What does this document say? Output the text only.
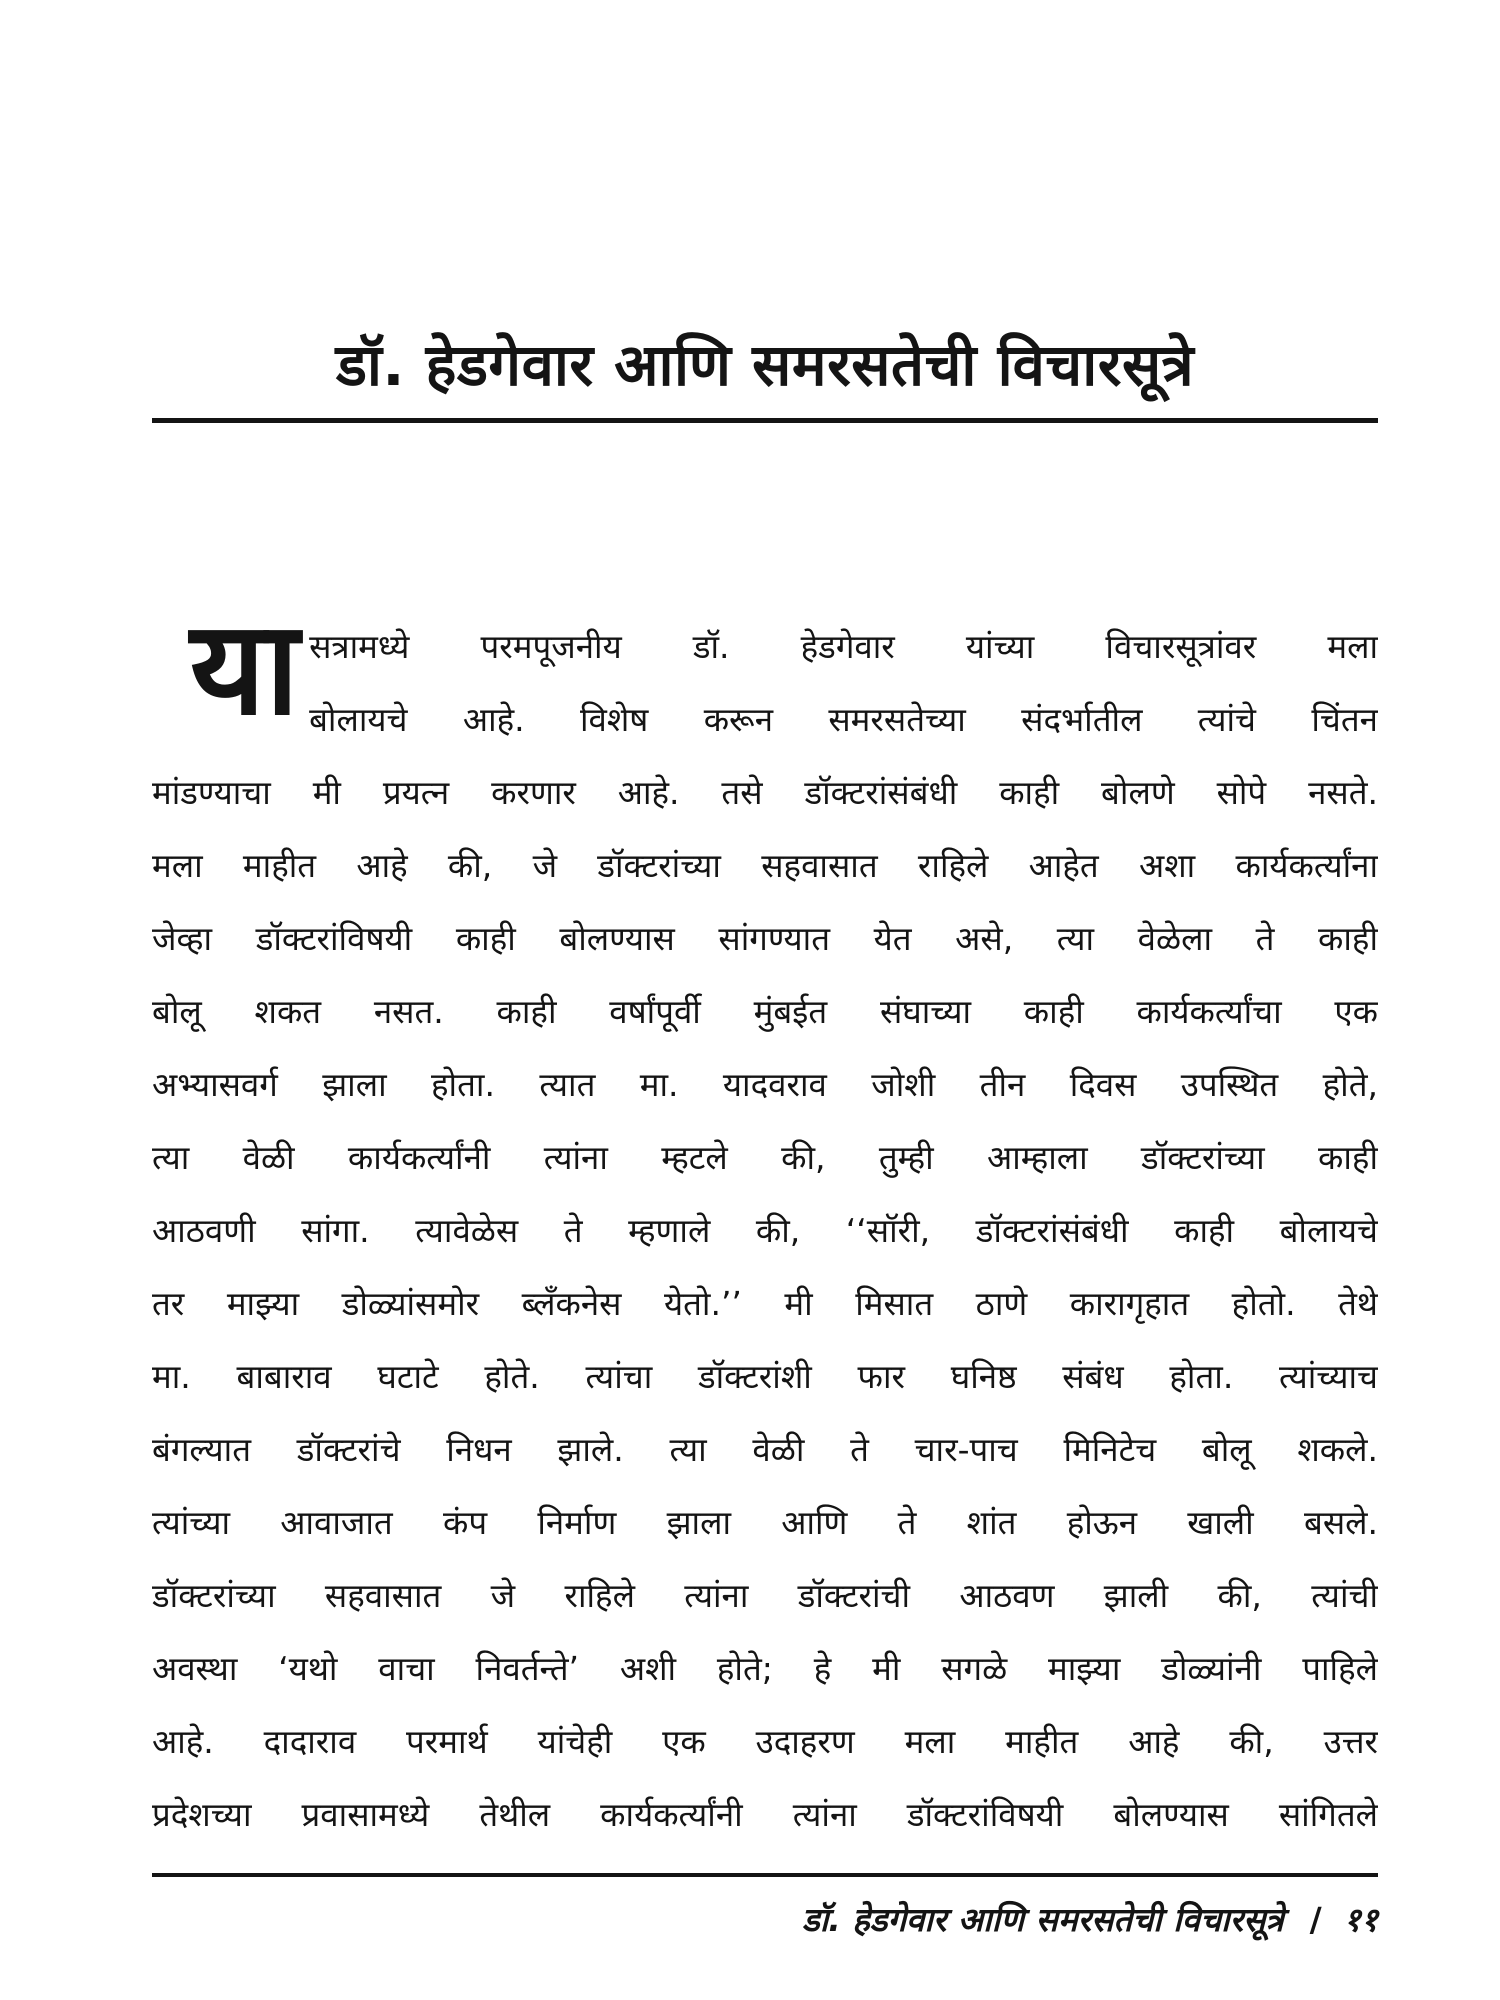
डॉ. हेडगेवार आणि समरसतेची विचारसूत्रे
या सत्रामध्ये परमपूजनीय डॉ. हेडगेवार यांच्या विचारसूत्रांवर मला
बोलायचे आहे. विशेष करून समरसतेच्या संदर्भातील त्यांचे चिंतन
मांडण्याचा मी प्रयत्न करणार आहे. तसे डॉक्टरांसंबंधी काही बोलणे सोपे नसते.
मला माहीत आहे की, जे डॉक्टरांच्या सहवासात राहिले आहेत अशा कार्यकर्त्यांना
जेव्हा डॉक्टरांविषयी काही बोलण्यास सांगण्यात येत असे, त्या वेळेला ते काही
बोलू शकत नसत. काही वर्षांपूर्वी मुंबईत संघाच्या काही कार्यकर्त्यांचा एक
अभ्यासवर्ग झाला होता. त्यात मा. यादवराव जोशी तीन दिवस उपस्थित होते,
त्या वेळी कार्यकर्त्यांनी त्यांना म्हटले की, तुम्ही आम्हाला डॉक्टरांच्या काही
आठवणी सांगा. त्यावेळेस ते म्हणाले की, ‘‘सॉरी, डॉक्टरांसंबंधी काही बोलायचे
तर माझ्या डोळ्यांसमोर ब्लँकनेस येतो.’’ मी मिसात ठाणे कारागृहात होतो. तेथे
मा. बाबाराव घटाटे होते. त्यांचा डॉक्टरांशी फार घनिष्ठ संबंध होता. त्यांच्याच
बंगल्यात डॉक्टरांचे निधन झाले. त्या वेळी ते चार-पाच मिनिटेच बोलू शकले.
त्यांच्या आवाजात कंप निर्माण झाला आणि ते शांत होऊन खाली बसले.
डॉक्टरांच्या सहवासात जे राहिले त्यांना डॉक्टरांची आठवण झाली की, त्यांची
अवस्था ‘यथो वाचा निवर्तन्ते’ अशी होते; हे मी सगळे माझ्या डोळ्यांनी पाहिले
आहे. दादाराव परमार्थ यांचेही एक उदाहरण मला माहीत आहे की, उत्तर
प्रदेशच्या प्रवासामध्ये तेथील कार्यकर्त्यांनी त्यांना डॉक्टरांविषयी बोलण्यास सांगितले
डॉ. हेडगेवार आणि समरसतेची विचारसूत्रे / ११
